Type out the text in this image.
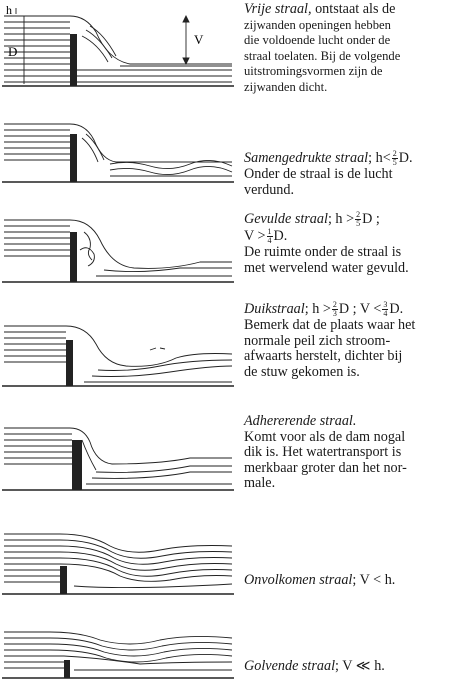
h
D
V
Vrije straal, ontstaat als de
zijwanden openingen hebben
die voldoende lucht onder de
straal toelaten. Bij de volgende
uitstromingsvormen zijn de
zijwanden dicht.
Samengedrukte straal; $h< \frac{2}{5} D$.
Onder de straal is de lucht
verdund.
Gevulde straal; $h > \frac{2}{5}$ D ;
$V > \frac{1}{4} D$.
De ruimte onder de straal is
met wervelend water gevuld.
Duikstraal; $h > \frac{2}{3}$ D ; $V < \frac{3}{4} D$.
Bemerk dat de plaats waar het
normale peil zich stroom-
afwaarts herstelt, dichter bij
de stuw gekomen is.
Adhererende straal.
Komt voor als de dam nogal
dik is. Het watertransport is
merkbaar groter dan het nor-
male.
Onvolkomen straal; V < h.
Golvende straal; V ≪ h.
